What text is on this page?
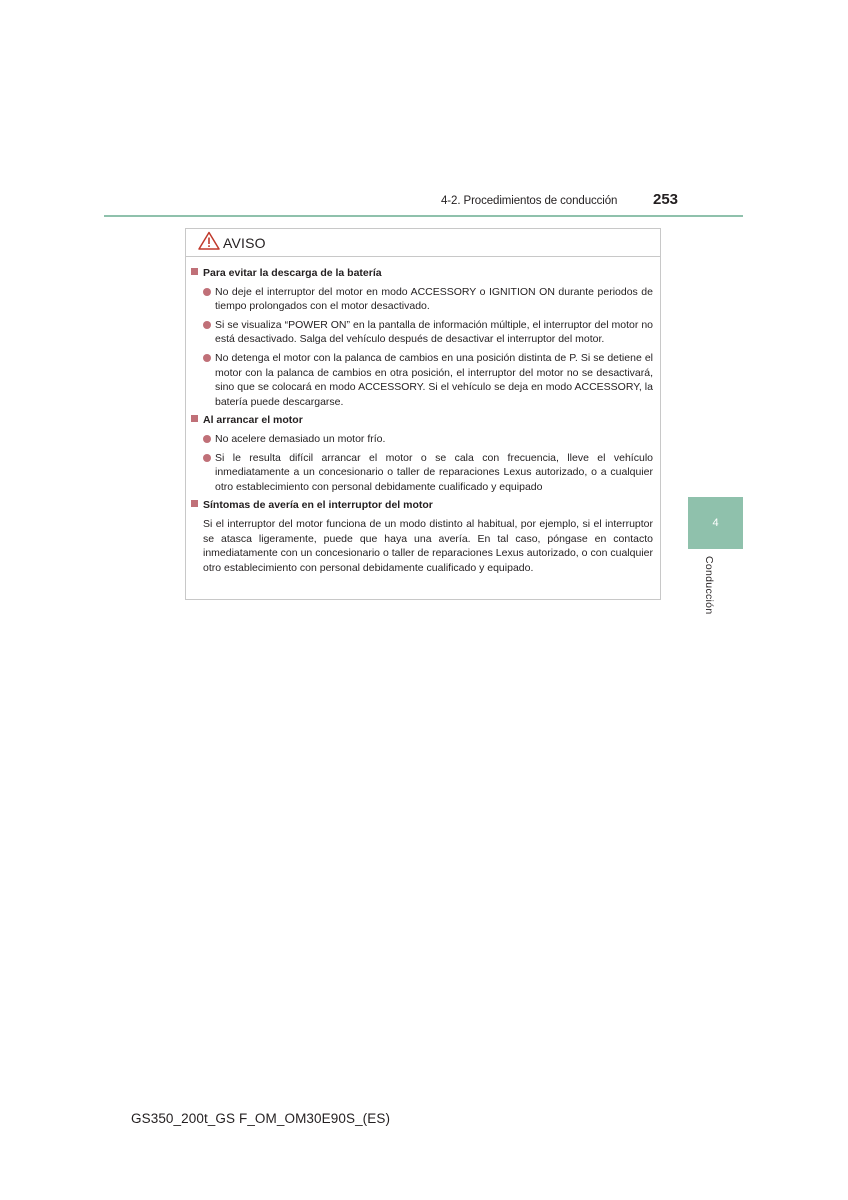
4-2. Procedimientos de conducción 253
4
Conducción
AVISO
Para evitar la descarga de la batería
No deje el interruptor del motor en modo ACCESSORY o IGNITION ON durante periodos de tiempo prolongados con el motor desactivado.
Si se visualiza “POWER ON” en la pantalla de información múltiple, el interruptor del motor no está desactivado. Salga del vehículo después de desactivar el interruptor del motor.
No detenga el motor con la palanca de cambios en una posición distinta de P. Si se detiene el motor con la palanca de cambios en otra posición, el interruptor del motor no se desactivará, sino que se colocará en modo ACCESSORY. Si el vehículo se deja en modo ACCESSORY, la batería puede descargarse.
Al arrancar el motor
No acelere demasiado un motor frío.
Si le resulta difícil arrancar el motor o se cala con frecuencia, lleve el vehículo inmediatamente a un concesionario o taller de reparaciones Lexus autorizado, o a cualquier otro establecimiento con personal debidamente cualificado y equipado
Síntomas de avería en el interruptor del motor
Si el interruptor del motor funciona de un modo distinto al habitual, por ejemplo, si el interruptor se atasca ligeramente, puede que haya una avería. En tal caso, póngase en contacto inmediatamente con un concesionario o taller de reparaciones Lexus autorizado, o con cualquier otro establecimiento con personal debidamente cualificado y equipado.
GS350_200t_GS F_OM_OM30E90S_(ES)
